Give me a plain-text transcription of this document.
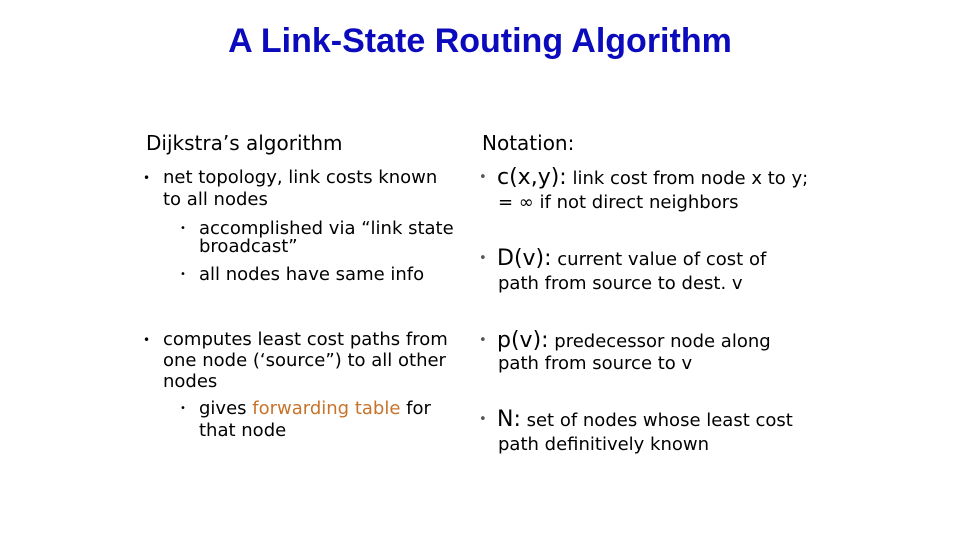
A Link-State Routing Algorithm
Dijkstra’s algorithm
• net topology, link costs known
to all nodes
• accomplished via “link state
broadcast”
• all nodes have same info
• computes least cost paths from
one node (‘source”) to all other
nodes
• gives forwarding table for
that node
Notation:
• c(x,y): link cost from node x to y;
= ∞ if not direct neighbors
• D(v): current value of cost of
path from source to dest. v
• p(v): predecessor node along
path from source to v
• N: set of nodes whose least cost
path definitively known
